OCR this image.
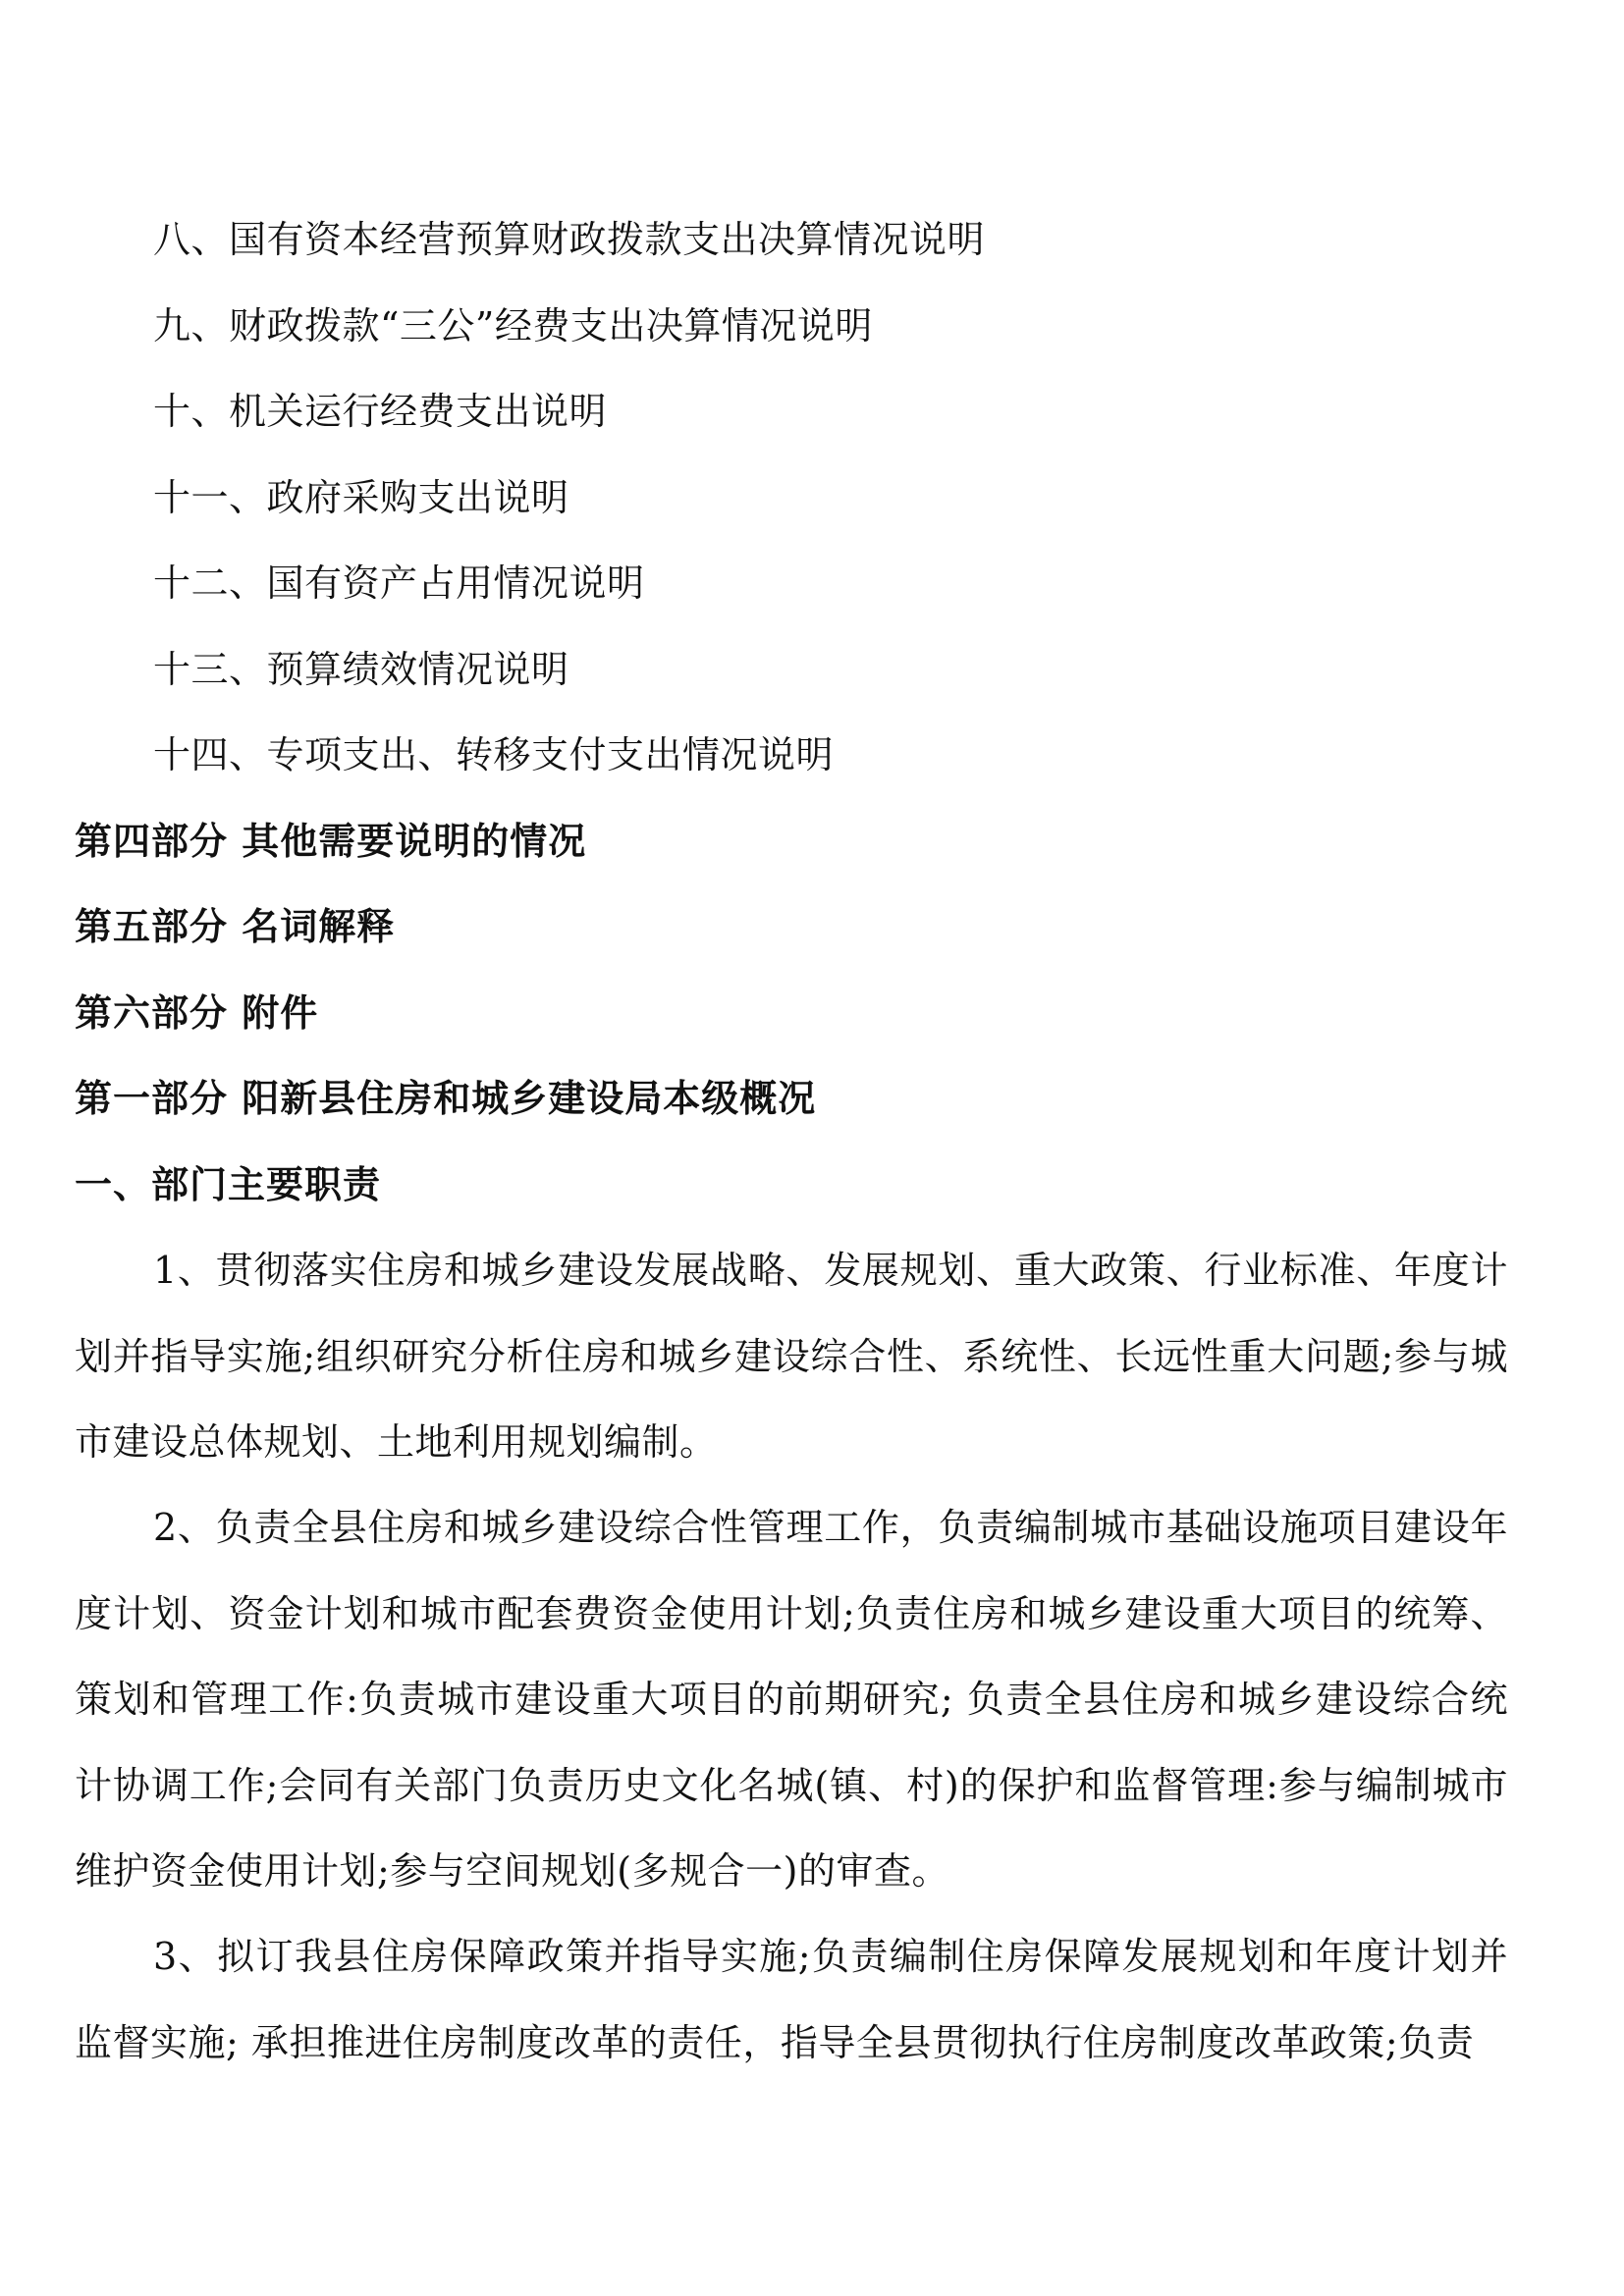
八、国有资本经营预算财政拨款支出决算情况说明
九、财政拨款“三公”经费支出决算情况说明
十、机关运行经费支出说明
十一、政府采购支出说明
十二、国有资产占用情况说明
十三、预算绩效情况说明
十四、专项支出、转移支付支出情况说明
第四部分 其他需要说明的情况
第五部分 名词解释
第六部分 附件
第一部分 阳新县住房和城乡建设局本级概况
一、部门主要职责
1、贯彻落实住房和城乡建设发展战略、发展规划、重大政策、行业标准、年度计划并指导实施;组织研究分析住房和城乡建设综合性、系统性、长远性重大问题;参与城市建设总体规划、土地利用规划编制。
2、负责全县住房和城乡建设综合性管理工作，负责编制城市基础设施项目建设年度计划、资金计划和城市配套费资金使用计划;负责住房和城乡建设重大项目的统筹、策划和管理工作:负责城市建设重大项目的前期研究; 负责全县住房和城乡建设综合统计协调工作;会同有关部门负责历史文化名城(镇、村)的保护和监督管理:参与编制城市维护资金使用计划;参与空间规划(多规合一)的审查。
3、拟订我县住房保障政策并指导实施;负责编制住房保障发展规划和年度计划并监督实施; 承担推进住房制度改革的责任，指导全县贯彻执行住房制度改革政策;负责
